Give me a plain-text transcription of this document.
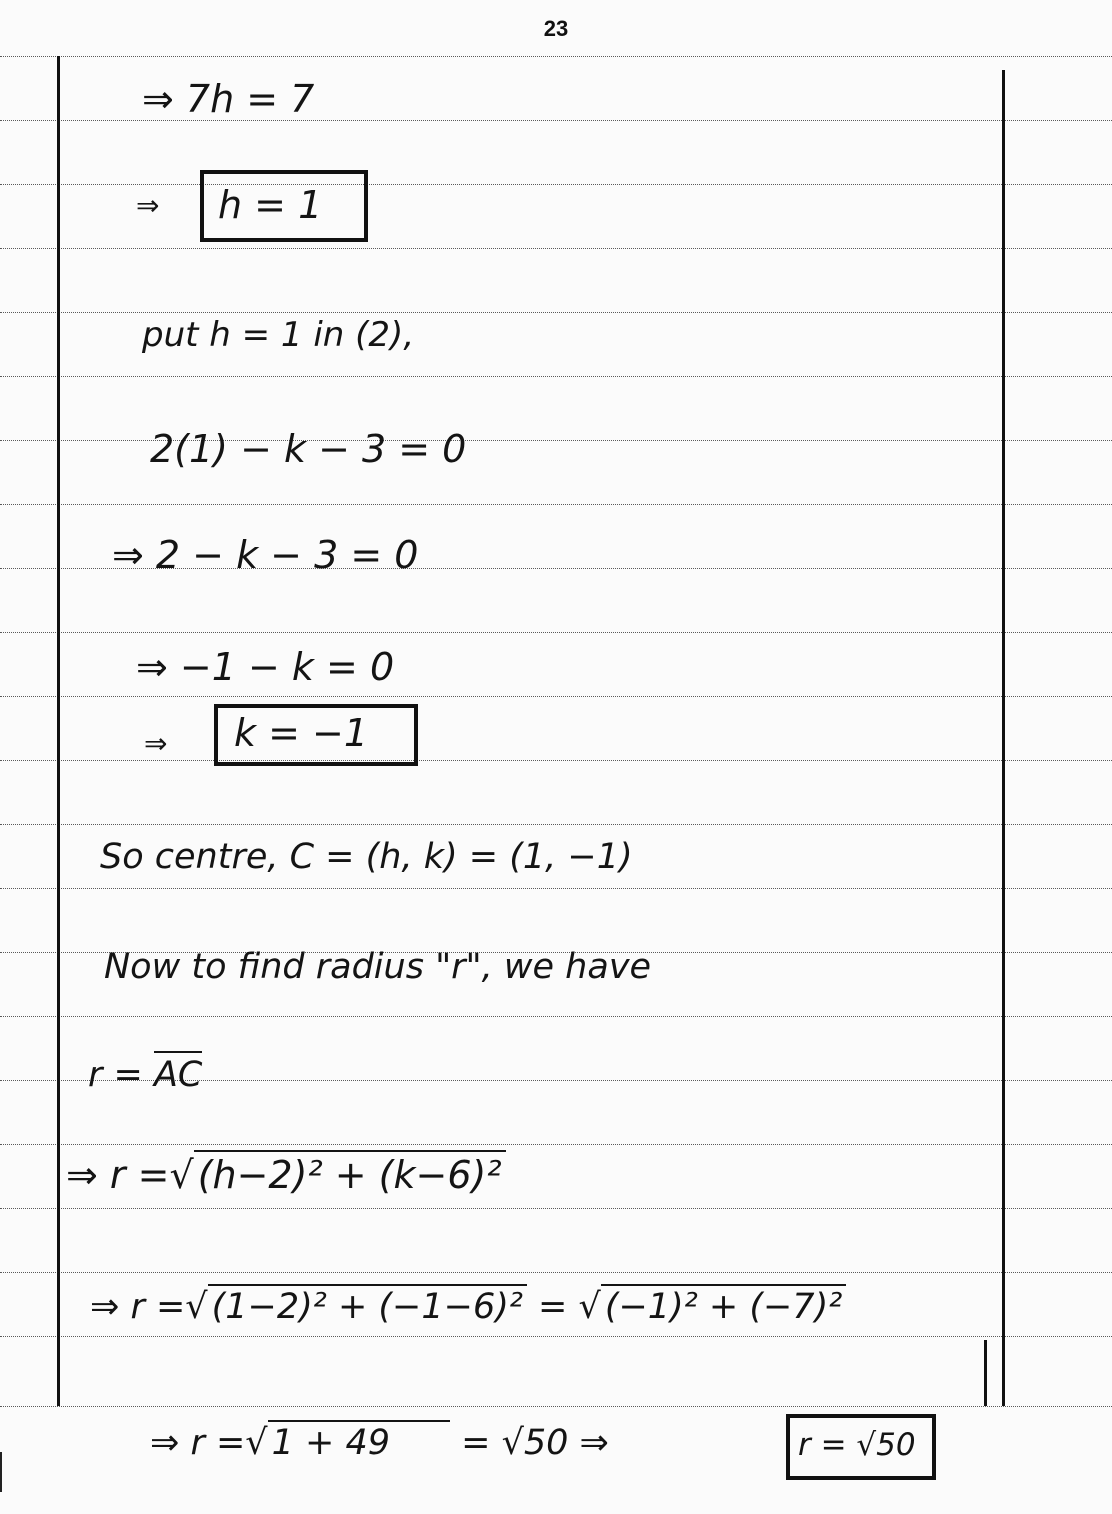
23
⇒ 7h = 7
⇒ h = 1
put h = 1 in (2),
2(1) − k − 3 = 0
⇒ 2 − k − 3 = 0
⇒ −1 − k = 0
⇒ k = −1
So centre, C = (h, k) = (1, −1)
Now to find radius "r", we have
r = AC
⇒ r =√ (h−2)² + (k−6)²
⇒ r =√ (1−2)² + (−1−6)² = √ (−1)² + (−7)²
⇒ r =√ 1 + 49 = √50 ⇒	r = √50
